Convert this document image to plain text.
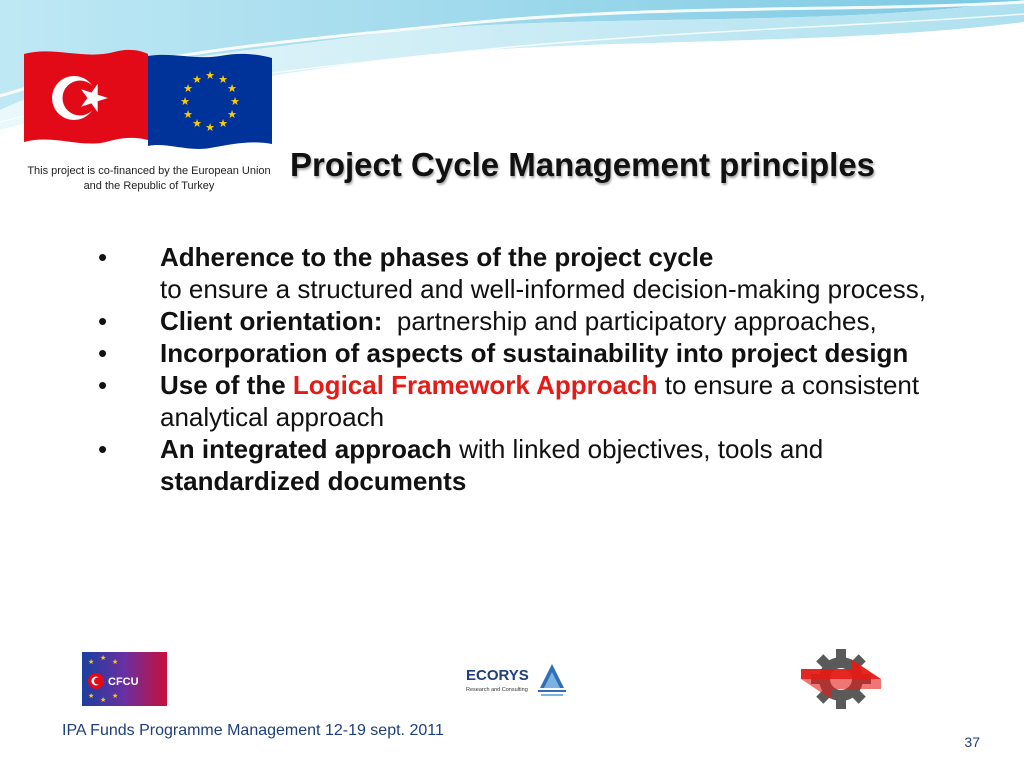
★ ★
★
★
★
★
★
★
★
★
★
★
This project is co-financed by the European Union and the Republic of Turkey
Project Cycle Management principles
• Adherence to the phases of the project cycle
to ensure a structured and well-informed decision-making process,
• Client orientation: partnership and participatory approaches,
• Incorporation of aspects of sustainability into project design
• Use of the Logical Framework Approach to ensure a consistent analytical approach
• An integrated approach with linked objectives, tools and standardized documents
★ ★ ★
★ ★ ★
CFCU	ECORYS
Research and Consulting
IPA Funds Programme Management 12-19 sept. 2011
37
